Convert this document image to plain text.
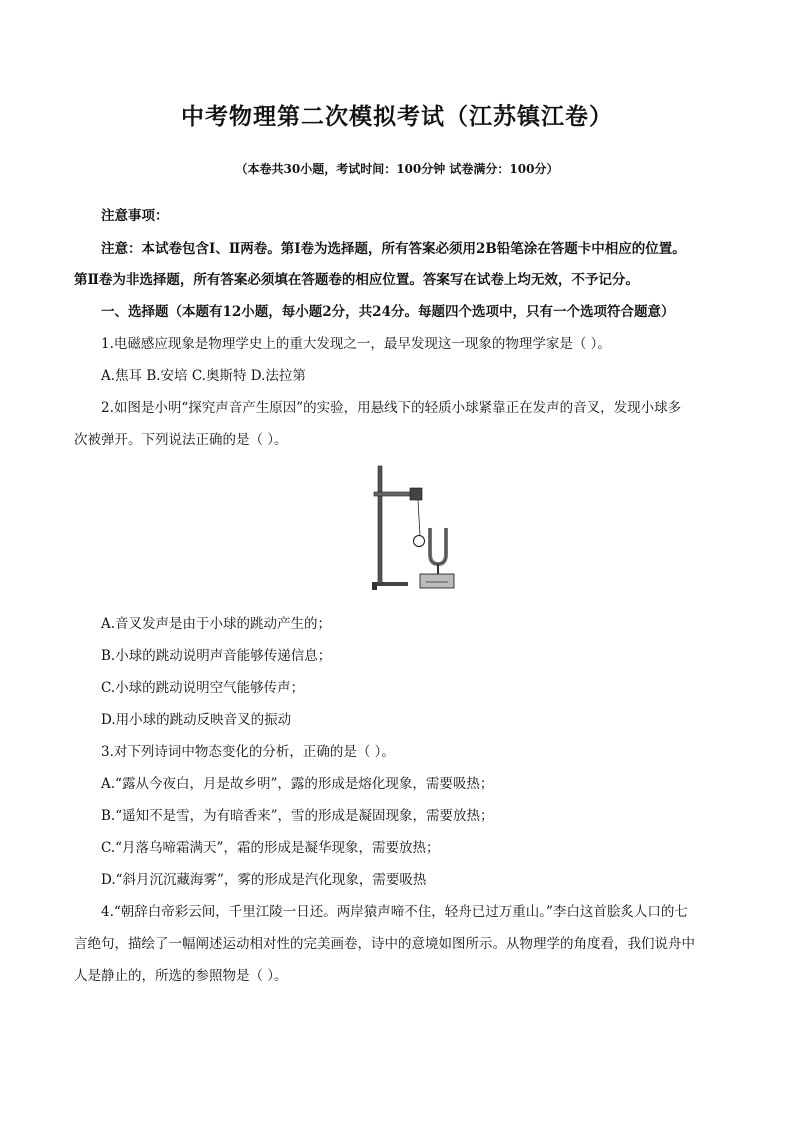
中考物理第二次模拟考试（江苏镇江卷）
（本卷共30小题，考试时间：100分钟 试卷满分：100分）
注意事项：
注意：本试卷包含Ⅰ、Ⅱ两卷。第Ⅰ卷为选择题，所有答案必须用2B铅笔涂在答题卡中相应的位置。
第Ⅱ卷为非选择题，所有答案必须填在答题卷的相应位置。答案写在试卷上均无效，不予记分。
一、选择题（本题有12小题，每小题2分，共24分。每题四个选项中，只有一个选项符合题意）
1.电磁感应现象是物理学史上的重大发现之一，最早发现这一现象的物理学家是（ ）。
A.焦耳 B.安培 C.奥斯特 D.法拉第
2.如图是小明“探究声音产生原因”的实验，用悬线下的轻质小球紧靠正在发声的音叉，发现小球多
次被弹开。下列说法正确的是（ ）。
A.音叉发声是由于小球的跳动产生的；
B.小球的跳动说明声音能够传递信息；
C.小球的跳动说明空气能够传声；
D.用小球的跳动反映音叉的振动
3.对下列诗词中物态变化的分析，正确的是（ ）。
A.“露从今夜白，月是故乡明”，露的形成是熔化现象，需要吸热；
B.“遥知不是雪，为有暗香来”，雪的形成是凝固现象，需要放热；
C.“月落乌啼霜满天”，霜的形成是凝华现象，需要放热；
D.“斜月沉沉藏海雾”，雾的形成是汽化现象，需要吸热
4.“朝辞白帝彩云间，千里江陵一日还。两岸猿声啼不住，轻舟已过万重山。”李白这首脍炙人口的七
言绝句，描绘了一幅阐述运动相对性的完美画卷，诗中的意境如图所示。从物理学的角度看，我们说舟中
人是静止的，所选的参照物是（ ）。
